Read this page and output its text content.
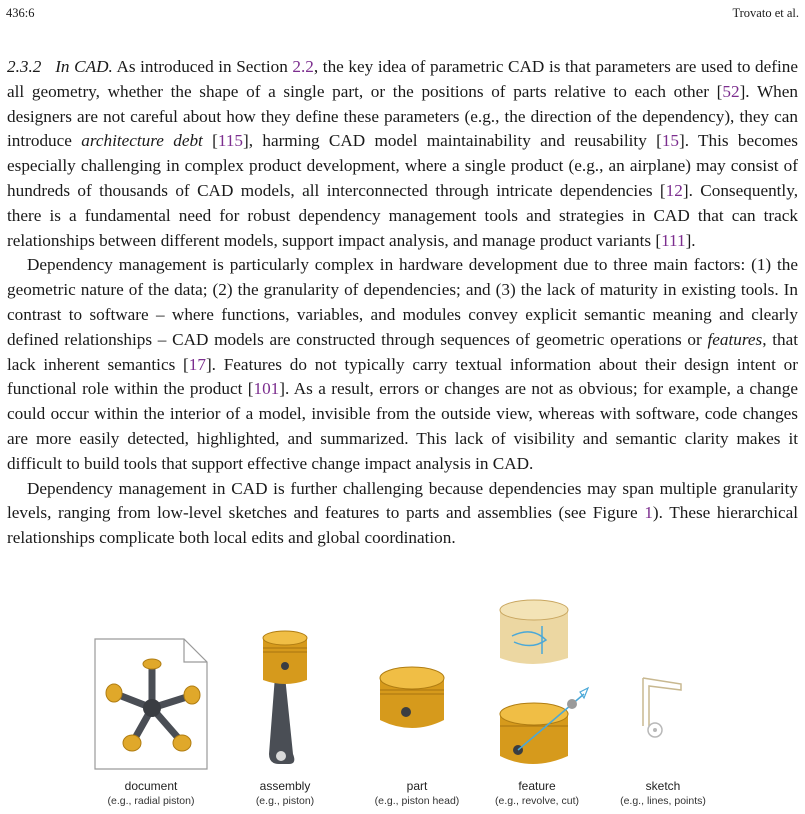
436:6	Trovato et al.

2.3.2 In CAD. As introduced in Section 2.2, the key idea of parametric CAD is that parameters are used to define all geometry, whether the shape of a single part, or the positions of parts relative to each other [52]. When designers are not careful about how they define these parameters (e.g., the direction of the dependency), they can introduce architecture debt [115], harming CAD model maintainability and reusability [15]. This becomes especially challenging in complex product development, where a single product (e.g., an airplane) may consist of hundreds of thousands of CAD models, all interconnected through intricate dependencies [12]. Consequently, there is a fundamental need for robust dependency management tools and strategies in CAD that can track relationships between different models, support impact analysis, and manage product variants [111].

Dependency management is particularly complex in hardware development due to three main factors: (1) the geometric nature of the data; (2) the granularity of dependencies; and (3) the lack of maturity in existing tools. In contrast to software – where functions, variables, and modules convey explicit semantic meaning and clearly defined relationships – CAD models are constructed through sequences of geometric operations or features, that lack inherent semantics [17]. Features do not typically carry textual information about their design intent or functional role within the product [101]. As a result, errors or changes are not as obvious; for example, a change could occur within the interior of a model, invisible from the outside view, whereas with software, code changes are more easily detected, highlighted, and summarized. This lack of visibility and semantic clarity makes it difficult to build tools that support effective change impact analysis in CAD.

Dependency management in CAD is further challenging because dependencies may span multiple granularity levels, ranging from low-level sketches and features to parts and assemblies (see Figure 1). These hierarchical relationships complicate both local edits and global coordination.

document
(e.g., radial piston)
assembly
(e.g., piston)
part
(e.g., piston head)
feature
(e.g., revolve, cut)
sketch
(e.g., lines, points)
